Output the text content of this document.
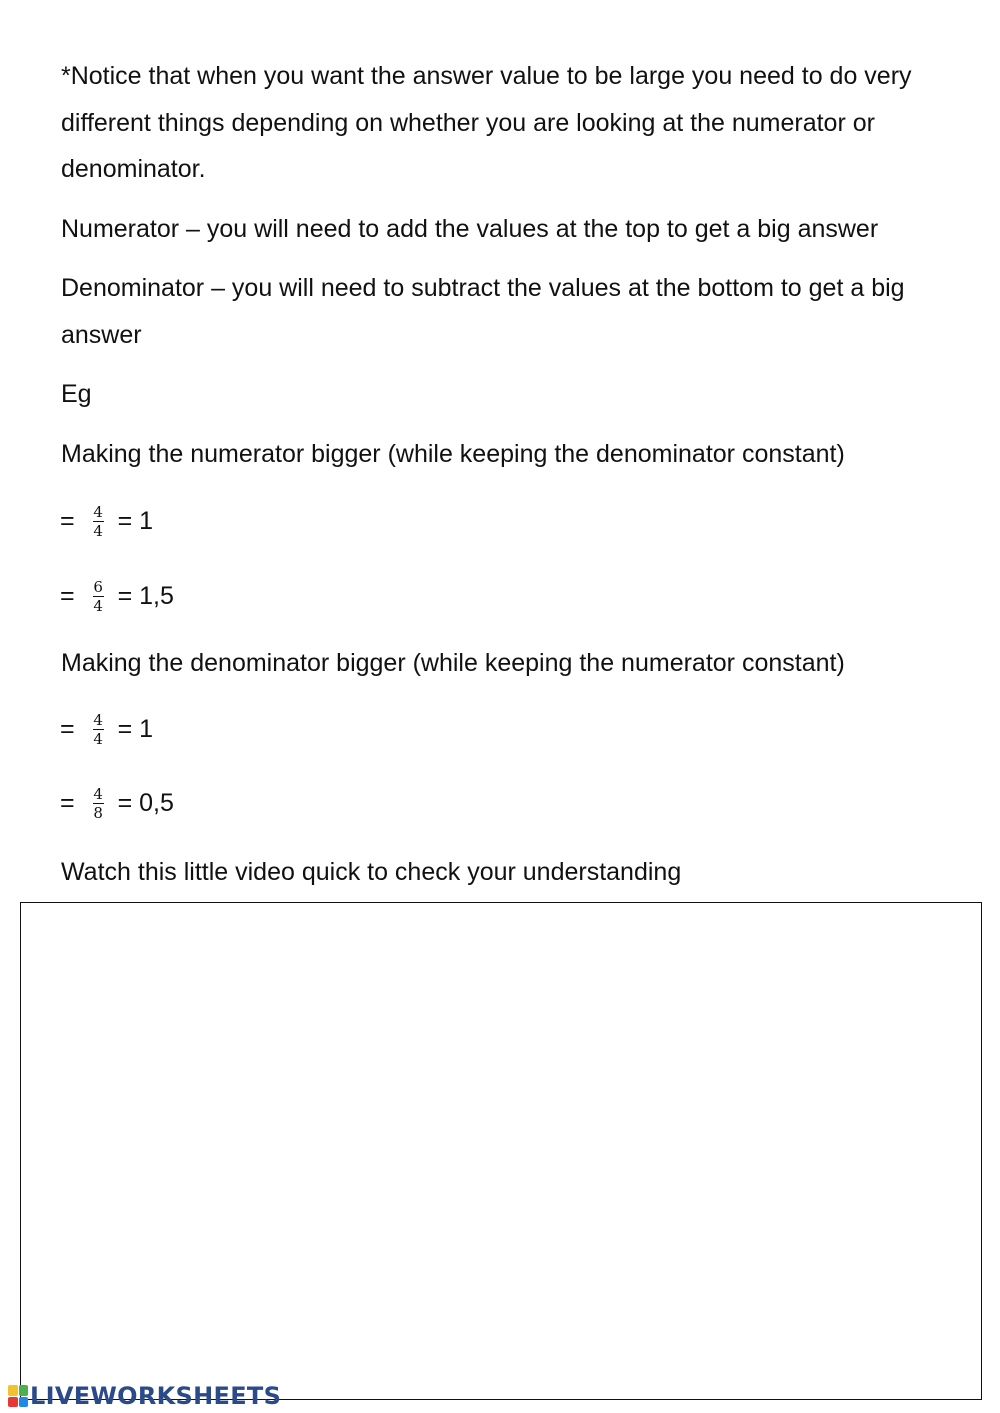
*Notice that when you want the answer value to be large you need to do very different things depending on whether you are looking at the numerator or denominator.

Numerator – you will need to add the values at the top to get a big answer

Denominator – you will need to subtract the values at the bottom to get a big answer

Eg

Making the numerator bigger (while keeping the denominator constant)

= $\frac{4}{4} = 1$
= $\frac{6}{4} = 1,5$

Making the denominator bigger (while keeping the numerator constant)

= $\frac{4}{4} = 1$
= $\frac{4}{8} = 0,5$

Watch this little video quick to check your understanding

LIVEWORKSHEETS
